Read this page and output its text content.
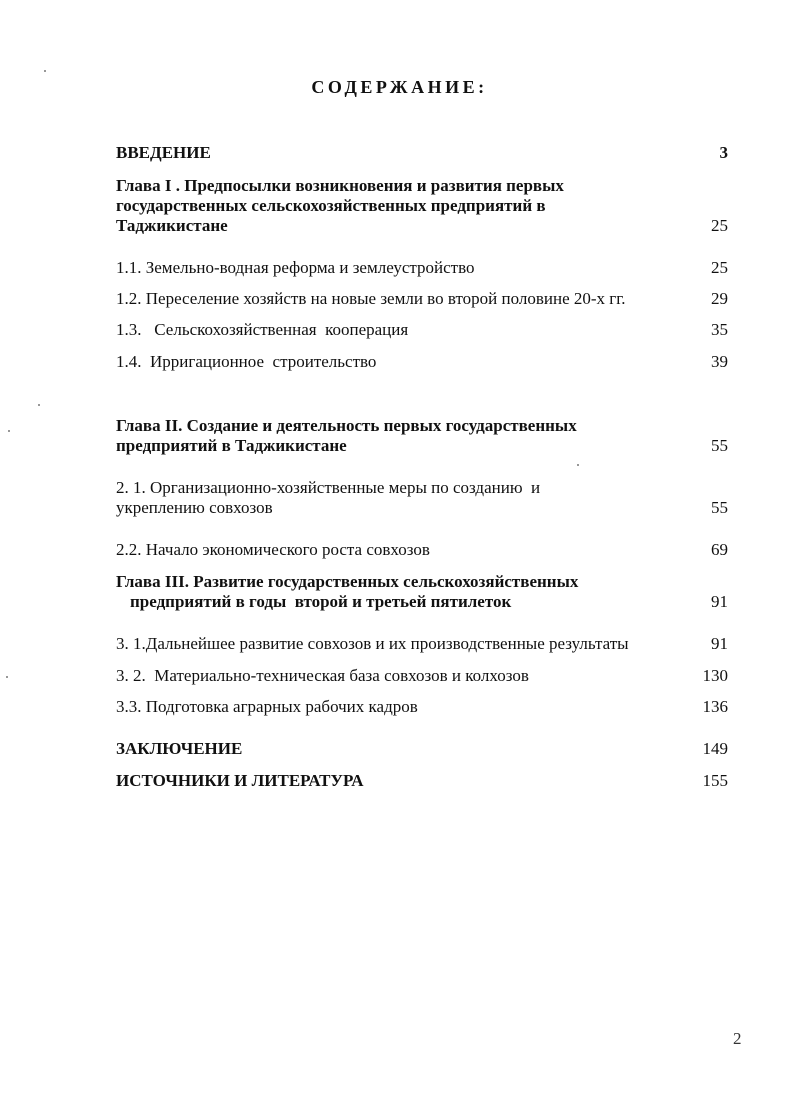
СОДЕРЖАНИЕ:
ВВЕДЕНИЕ	3
Глава I . Предпосылки возникновения и развития первых
государственных сельскохозяйственных предприятий в
Таджикистане	25
1.1. Земельно-водная реформа и землеустройство	25
1.2. Переселение хозяйств на новые земли во второй половине 20-х гг.	29
1.3.   Сельскохозяйственная  кооперация	35
1.4.  Ирригационное  строительство	39
Глава II. Создание и деятельность первых государственных
предприятий в Таджикистане	55
2. 1. Организационно-хозяйственные меры по созданию  и
укреплению совхозов	55
2.2. Начало экономического роста совхозов	69
Глава III. Развитие государственных сельскохозяйственных
предприятий в годы  второй и третьей пятилеток	91
3. 1.Дальнейшее развитие совхозов и их производственные результаты	91
3. 2.  Материально-техническая база совхозов и колхозов	130
3.3. Подготовка аграрных рабочих кадров	136
ЗАКЛЮЧЕНИЕ	149
ИСТОЧНИКИ И ЛИТЕРАТУРА	155
2
